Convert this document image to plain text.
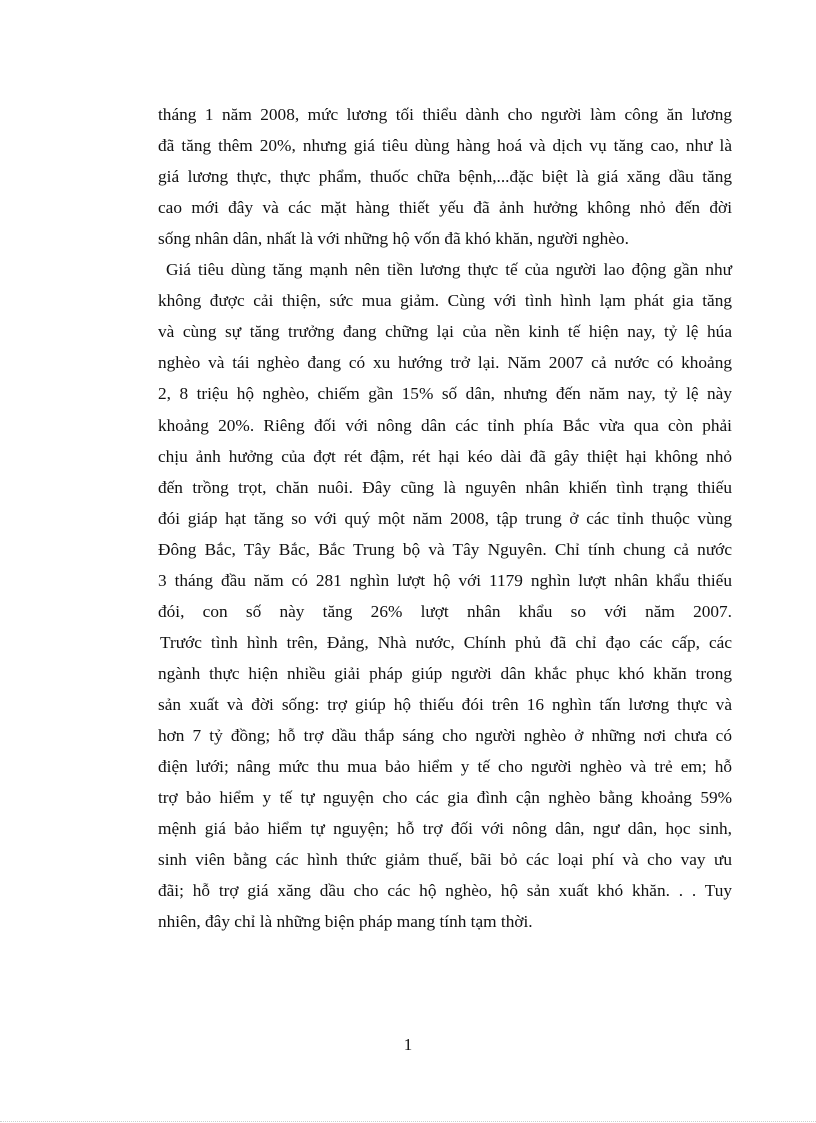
tháng 1 năm 2008, mức lương tối thiểu dành cho người làm công ăn lương
đã tăng thêm 20%, nhưng giá tiêu dùng hàng hoá và dịch vụ tăng cao, như là
giá lương thực, thực phẩm, thuốc chữa bệnh,...đặc biệt là giá xăng dầu tăng
cao mới đây và các mặt hàng thiết yếu đã ảnh hưởng không nhỏ đến đời
sống nhân dân, nhất là với những hộ vốn đã khó khăn, người nghèo.
Giá tiêu dùng tăng mạnh nên tiền lương thực tế của người lao động gần như
không được cải thiện, sức mua giảm. Cùng với tình hình lạm phát gia tăng
và cùng sự tăng trưởng đang chững lại của nền kinh tế hiện nay, tỷ lệ húa
nghèo và tái nghèo đang có xu hướng trở lại. Năm 2007 cả nước có khoảng
2, 8 triệu hộ nghèo, chiếm gần 15% số dân, nhưng đến năm nay, tỷ lệ này
khoảng 20%. Riêng đối với nông dân các tỉnh phía Bắc vừa qua còn phải
chịu ảnh hưởng của đợt rét đậm, rét hại kéo dài đã gây thiệt hại không nhỏ
đến trồng trọt, chăn nuôi. Đây cũng là nguyên nhân khiến tình trạng thiếu
đói giáp hạt tăng so với quý một năm 2008, tập trung ở các tỉnh thuộc vùng
Đông Bắc, Tây Bắc, Bắc Trung bộ và Tây Nguyên. Chỉ tính chung cả nước
3 tháng đầu năm có 281 nghìn lượt hộ với 1179 nghìn lượt nhân khẩu thiếu
đói, con số này tăng 26% lượt nhân khẩu so với năm 2007.
Trước tình hình trên, Đảng, Nhà nước, Chính phủ đã chỉ đạo các cấp, các
ngành thực hiện nhiều giải pháp giúp người dân khắc phục khó khăn trong
sản xuất và đời sống: trợ giúp hộ thiếu đói trên 16 nghìn tấn lương thực và
hơn 7 tỷ đồng; hỗ trợ dầu thắp sáng cho người nghèo ở những nơi chưa có
điện lưới; nâng mức thu mua bảo hiểm y tế cho người nghèo và trẻ em; hỗ
trợ bảo hiểm y tế tự nguyện cho các gia đình cận nghèo bằng khoảng 59%
mệnh giá bảo hiểm tự nguyện; hỗ trợ đối với nông dân, ngư dân, học sinh,
sinh viên bằng các hình thức giảm thuế, bãi bỏ các loại phí và cho vay ưu
đãi; hỗ trợ giá xăng dầu cho các hộ nghèo, hộ sản xuất khó khăn. . . Tuy
nhiên, đây chỉ là những biện pháp mang tính tạm thời.
1
